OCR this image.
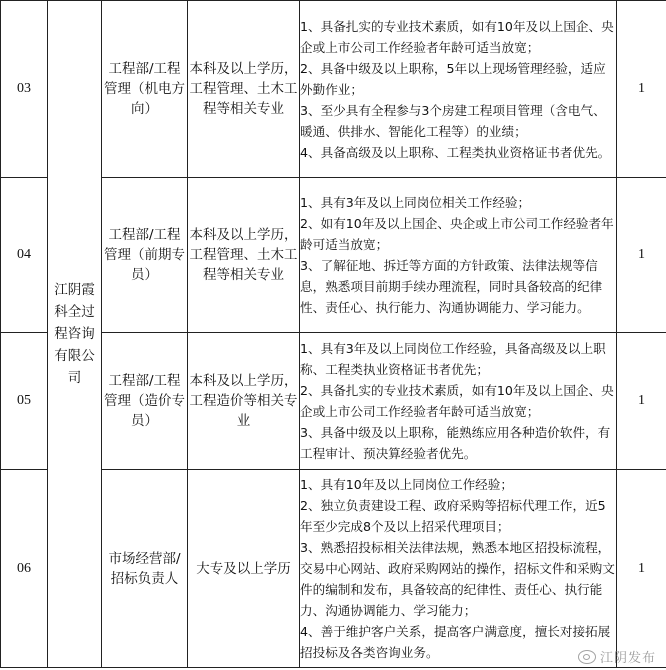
03	江阴霞科全过程咨询有限公司	工程部/工程管理（机电方向）	本科及以上学历，工程管理、土木工程等相关专业	1、具备扎实的专业技术素质，如有10年及以上国企、央企或上市公司工作经验者年龄可适当放宽；
2、具备中级及以上职称，5年以上现场管理经验，适应外勤作业；
3、至少具有全程参与3个房建工程项目管理（含电气、暖通、供排水、智能化工程等）的业绩；
4、具备高级及以上职称、工程类执业资格证书者优先。	1
04		工程部/工程管理（前期专员）	本科及以上学历，工程管理、土木工程等相关专业	1、具有3年及以上同岗位相关工作经验；
2、如有10年及以上国企、央企或上市公司工作经验者年龄可适当放宽；
3、了解征地、拆迁等方面的方针政策、法律法规等信息，熟悉项目前期手续办理流程，同时具备较高的纪律性、责任心、执行能力、沟通协调能力、学习能力。	1
05		工程部/工程管理（造价专员）	本科及以上学历，工程造价等相关专业	1、具有3年及以上同岗位工作经验，具备高级及以上职称、工程类执业资格证书者优先；
2、具备扎实的专业技术素质，如有10年及以上国企、央企或上市公司工作经验者年龄可适当放宽；
3、具备中级及以上职称，能熟练应用各种造价软件，有工程审计、预决算经验者优先。	1
06		市场经营部/招标负责人	大专及以上学历	1、具有10年及以上同岗位工作经验；
2、独立负责建设工程、政府采购等招标代理工作，近5年至少完成8个及以上招采代理项目；
3、熟悉招投标相关法律法规，熟悉本地区招投标流程，交易中心网站、政府采购网站的操作，招标文件和采购文件的编制和发布，具备较高的纪律性、责任心、执行能力、沟通协调能力、学习能力；
4、善于维护客户关系，提高客户满意度，擅长对接拓展招投标及各类咨询业务。	1
江阴发布
